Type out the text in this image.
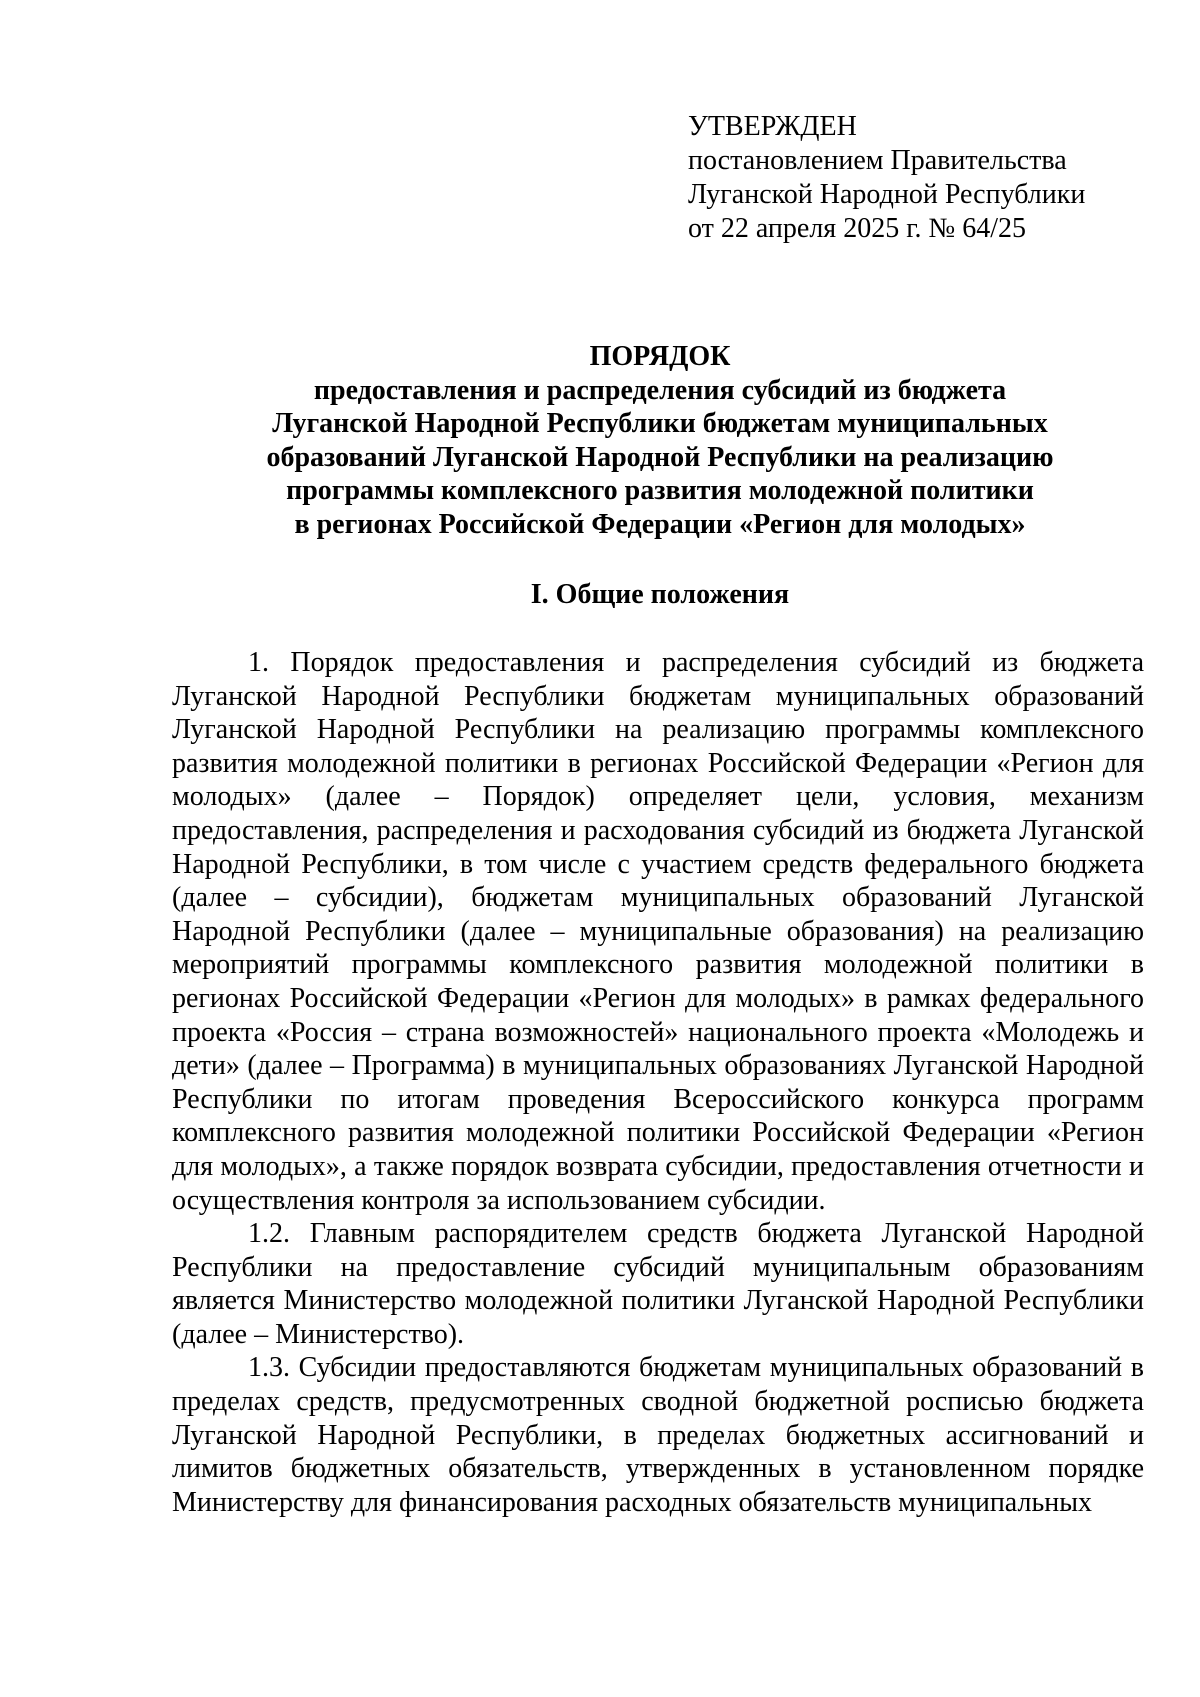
УТВЕРЖДЕН
постановлением Правительства
Луганской Народной Республики
от 22 апреля 2025 г. № 64/25
ПОРЯДОК
предоставления и распределения субсидий из бюджета
Луганской Народной Республики бюджетам муниципальных
образований Луганской Народной Республики на реализацию
программы комплексного развития молодежной политики
в регионах Российской Федерации «Регион для молодых»
I. Общие положения

1. Порядок предоставления и распределения субсидий из бюджета Луганской Народной Республики бюджетам муниципальных образований Луганской Народной Республики на реализацию программы комплексного развития молодежной политики в регионах Российской Федерации «Регион для молодых» (далее – Порядок) определяет цели, условия, механизм предоставления, распределения и расходования субсидий из бюджета Луганской Народной Республики, в том числе с участием средств федерального бюджета (далее – субсидии), бюджетам муниципальных образований Луганской Народной Республики (далее – муниципальные образования) на реализацию мероприятий программы комплексного развития молодежной политики в регионах Российской Федерации «Регион для молодых» в рамках федерального проекта «Россия – страна возможностей» национального проекта «Молодежь и дети» (далее – Программа) в муниципальных образованиях Луганской Народной Республики по итогам проведения Всероссийского конкурса программ комплексного развития молодежной политики Российской Федерации «Регион для молодых», а также порядок возврата субсидии, предоставления отчетности и осуществления контроля за использованием субсидии.

1.2. Главным распорядителем средств бюджета Луганской Народной Республики на предоставление субсидий муниципальным образованиям является Министерство молодежной политики Луганской Народной Республики (далее – Министерство).

1.3. Субсидии предоставляются бюджетам муниципальных образований в пределах средств, предусмотренных сводной бюджетной росписью бюджета Луганской Народной Республики, в пределах бюджетных ассигнований и лимитов бюджетных обязательств, утвержденных в установленном порядке Министерству для финансирования расходных обязательств муниципальных
